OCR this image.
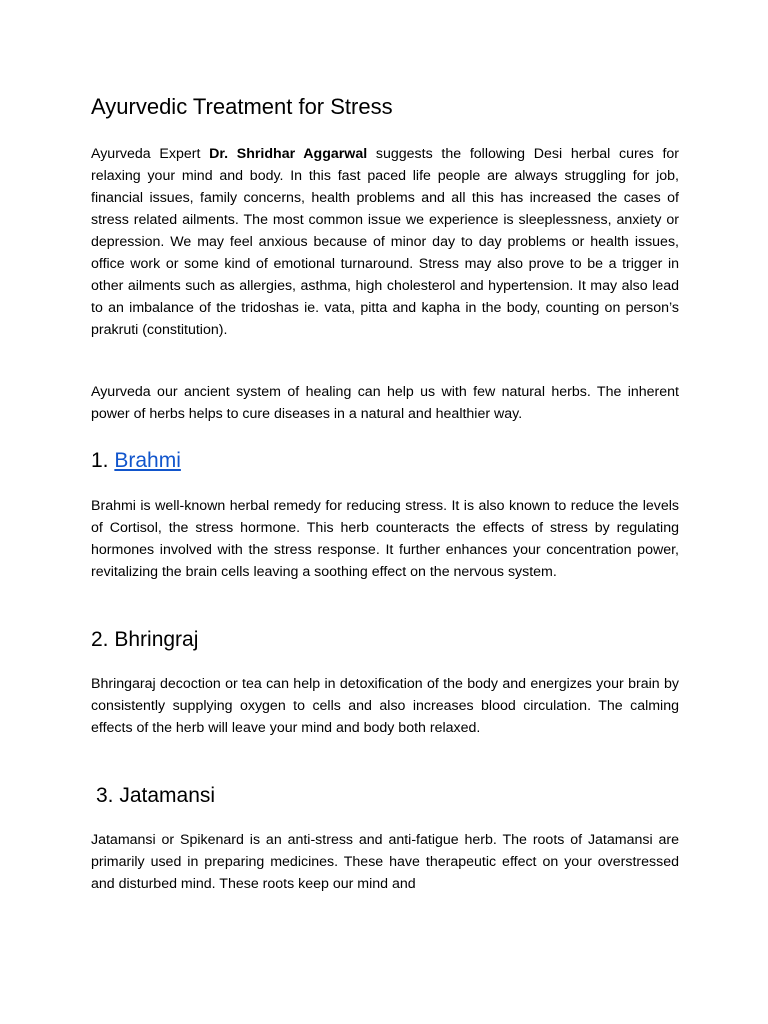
Ayurvedic Treatment for Stress

Ayurveda Expert Dr. Shridhar Aggarwal suggests the following Desi herbal cures for relaxing your mind and body. In this fast paced life people are always struggling for job, financial issues, family concerns, health problems and all this has increased the cases of stress related ailments. The most common issue we experience is sleeplessness, anxiety or depression. We may feel anxious because of minor day to day problems or health issues, office work or some kind of emotional turnaround. Stress may also prove to be a trigger in other ailments such as allergies, asthma, high cholesterol and hypertension. It may also lead to an imbalance of the tridoshas ie. vata, pitta and kapha in the body, counting on person’s prakruti (constitution).

Ayurveda our ancient system of healing can help us with few natural herbs. The inherent power of herbs helps to cure diseases in a natural and healthier way.

1. Brahmi

Brahmi is well-known herbal remedy for reducing stress. It is also known to reduce the levels of Cortisol, the stress hormone. This herb counteracts the effects of stress by regulating hormones involved with the stress response. It further enhances your concentration power, revitalizing the brain cells leaving a soothing effect on the nervous system.

2. Bhringraj

Bhringaraj decoction or tea can help in detoxification of the body and energizes your brain by consistently supplying oxygen to cells and also increases blood circulation. The calming effects of the herb will leave your mind and body both relaxed.

3. Jatamansi

Jatamansi or Spikenard is an anti-stress and anti-fatigue herb. The roots of Jatamansi are primarily used in preparing medicines. These have therapeutic effect on your overstressed and disturbed mind. These roots keep our mind and
